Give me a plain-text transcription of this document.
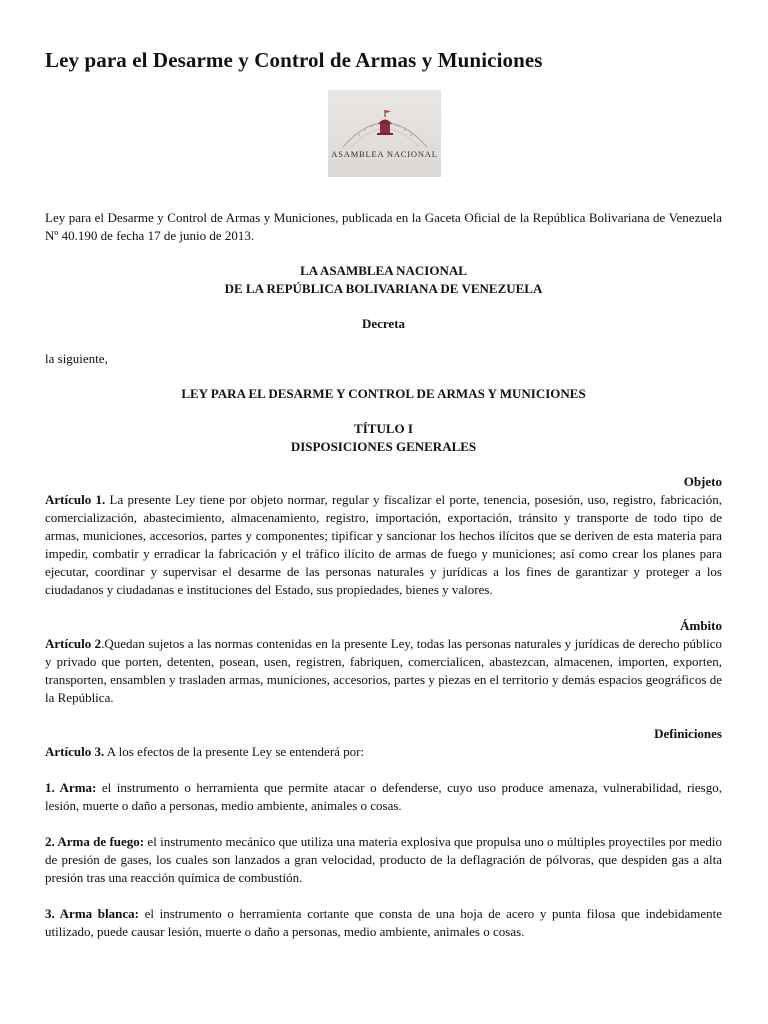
Ley para el Desarme y Control de Armas y Municiones
ASAMBLEA NACIONAL

Ley para el Desarme y Control de Armas y Municiones, publicada en la Gaceta Oficial de la República Bolivariana de Venezuela Nº 40.190 de fecha 17 de junio de 2013.

LA ASAMBLEA NACIONAL

DE LA REPÚBLICA BOLIVARIANA DE VENEZUELA

Decreta

la siguiente,

LEY PARA EL DESARME Y CONTROL DE ARMAS Y MUNICIONES

TÍTULO I

DISPOSICIONES GENERALES

Objeto

Artículo 1. La presente Ley tiene por objeto normar, regular y fiscalizar el porte, tenencia, posesión, uso, registro, fabricación, comercialización, abastecimiento, almacenamiento, registro, importación, exportación, tránsito y transporte de todo tipo de armas, municiones, accesorios, partes y componentes; tipificar y sancionar los hechos ilícitos que se deriven de esta materia para impedir, combatir y erradicar la fabricación y el tráfico ilícito de armas de fuego y municiones; así como crear los planes para ejecutar, coordinar y supervisar el desarme de las personas naturales y jurídicas a los fines de garantizar y proteger a los ciudadanos y ciudadanas e instituciones del Estado, sus propiedades, bienes y valores.

Ámbito

Artículo 2.Quedan sujetos a las normas contenidas en la presente Ley, todas las personas naturales y jurídicas de derecho público y privado que porten, detenten, posean, usen, registren, fabriquen, comercialicen, abastezcan, almacenen, importen, exporten, transporten, ensamblen y trasladen armas, municiones, accesorios, partes y piezas en el territorio y demás espacios geográficos de la República.

Definiciones

Artículo 3. A los efectos de la presente Ley se entenderá por:

1. Arma: el instrumento o herramienta que permite atacar o defenderse, cuyo uso produce amenaza, vulnerabilidad, riesgo, lesión, muerte o daño a personas, medio ambiente, animales o cosas.

2. Arma de fuego: el instrumento mecánico que utiliza una materia explosiva que propulsa uno o múltiples proyectiles por medio de presión de gases, los cuales son lanzados a gran velocidad, producto de la deflagración de pólvoras, que despiden gas a alta presión tras una reacción química de combustión.

3. Arma blanca: el instrumento o herramienta cortante que consta de una hoja de acero y punta filosa que indebidamente utilizado, puede causar lesión, muerte o daño a personas, medio ambiente, animales o cosas.
